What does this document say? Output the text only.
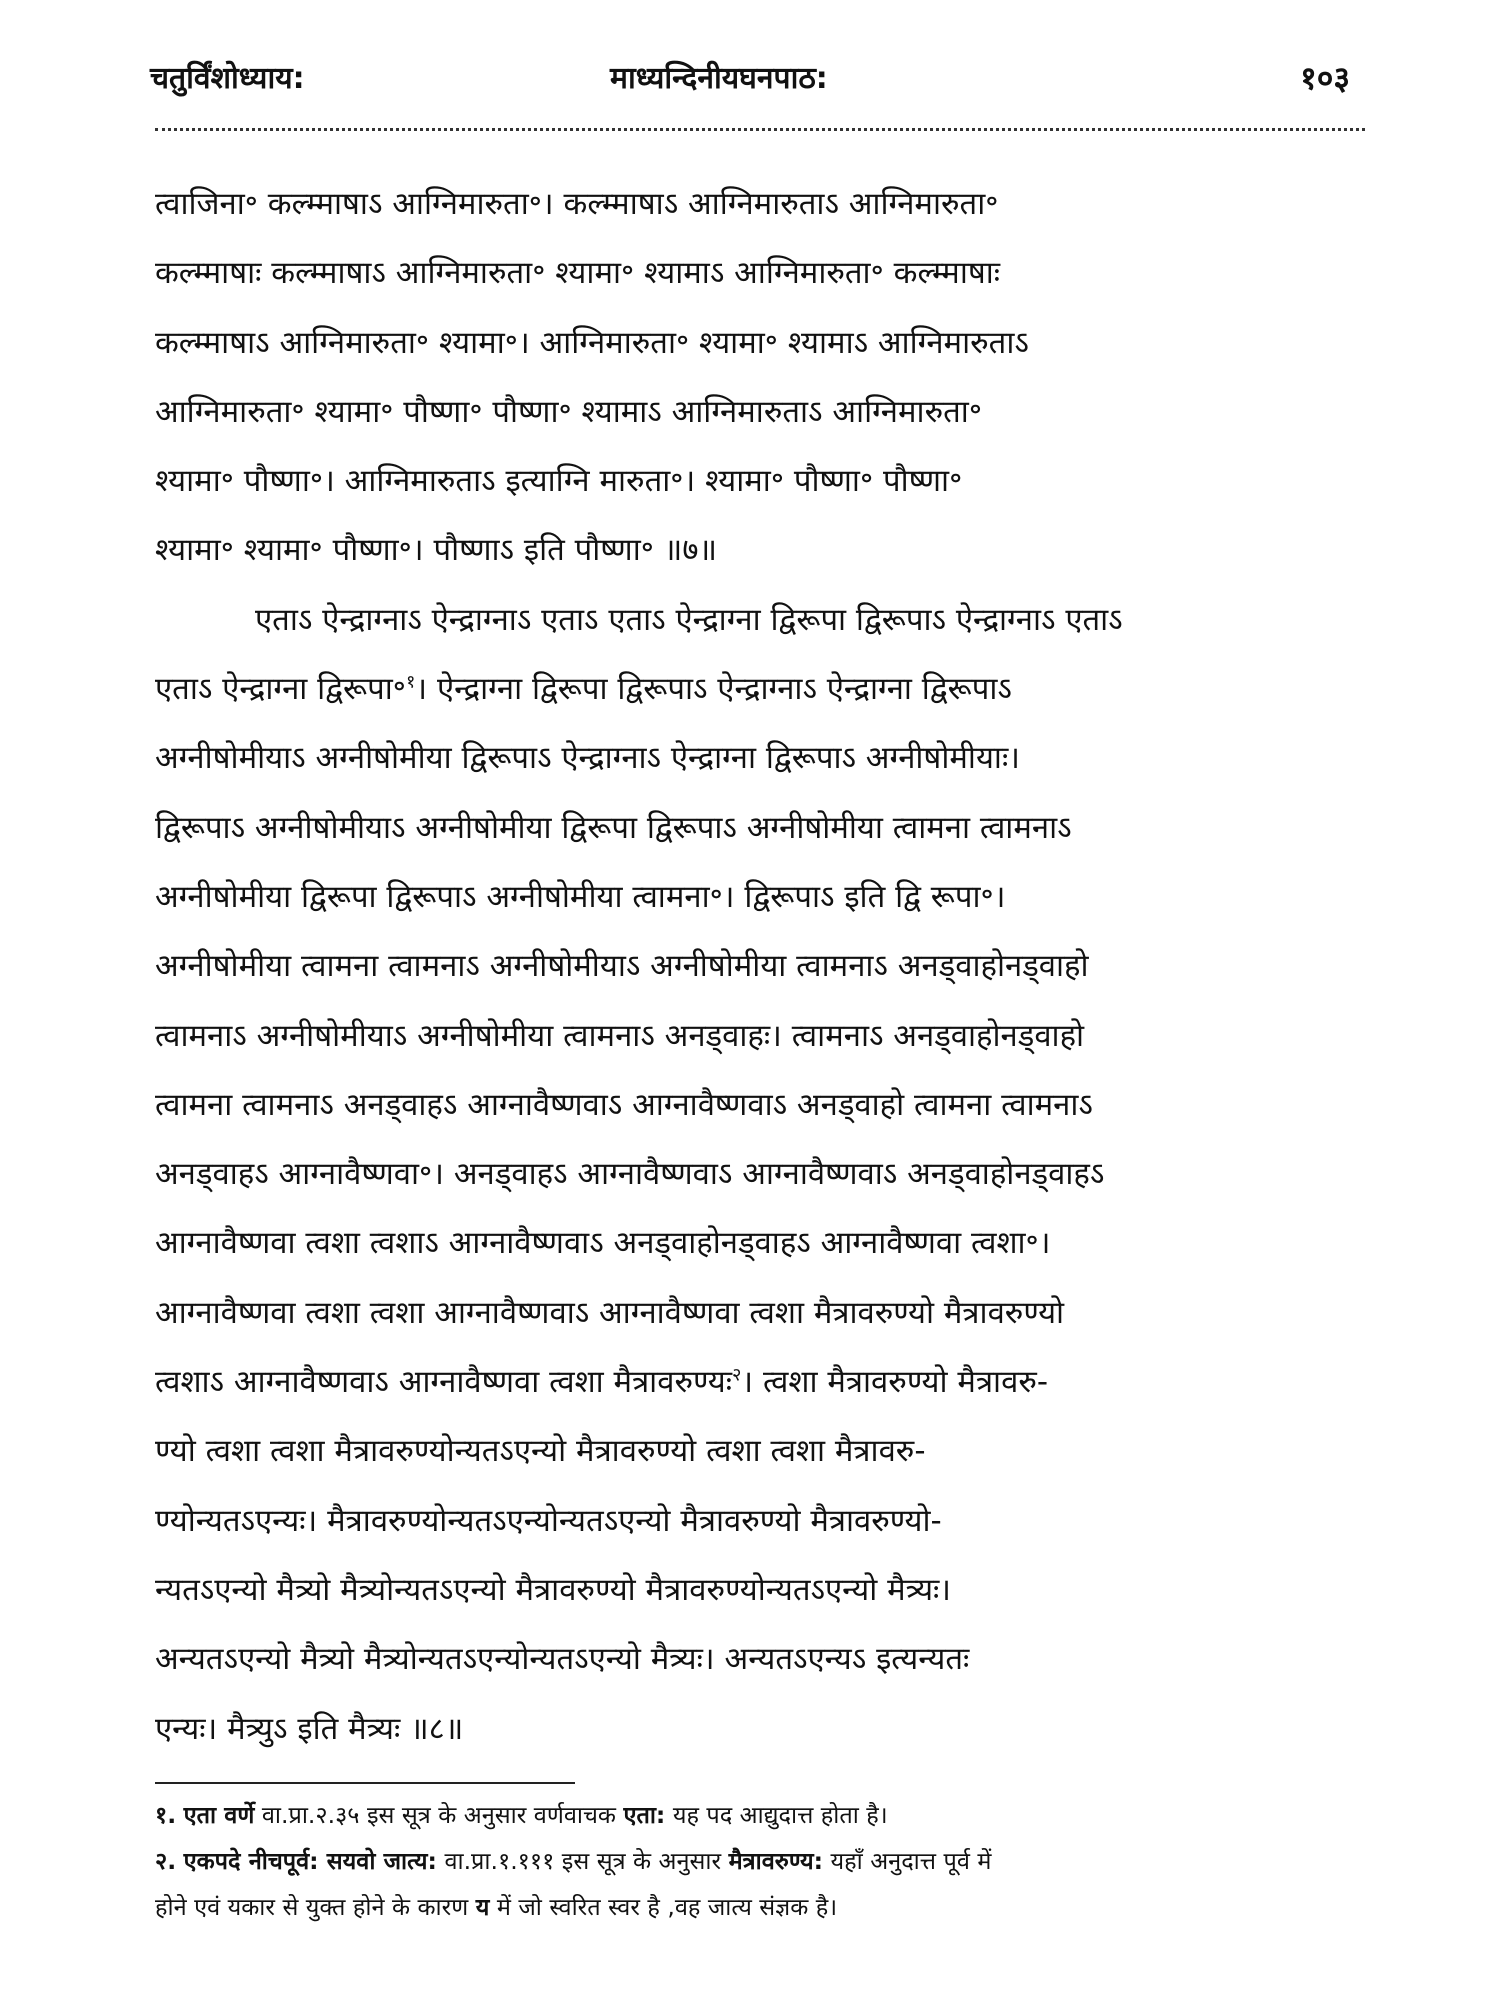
चतुर्विंशोध्याय:	माध्यन्दिनीयघनपाठ:	१०३
त्वाजिना॰ कल्म्माषाऽ आग्निमारुता॰। कल्म्माषाऽ आग्निमारुताऽ आग्निमारुता॰
कल्म्माषाः कल्म्माषाऽ आग्निमारुता॰ श्यामा॰ श्यामाऽ आग्निमारुता॰ कल्म्माषाः
कल्म्माषाऽ आग्निमारुता॰ श्यामा॰। आग्निमारुता॰ श्यामा॰ श्यामाऽ आग्निमारुताऽ
आग्निमारुता॰ श्यामा॰ पौष्णा॰ पौष्णा॰ श्यामाऽ आग्निमारुताऽ आग्निमारुता॰
श्यामा॰ पौष्णा॰। आग्निमारुताऽ इत्याग्नि मारुता॰। श्यामा॰ पौष्णा॰ पौष्णा॰
श्यामा॰ श्यामा॰ पौष्णा॰। पौष्णाऽ इति पौष्णा॰ ॥७॥
एताऽ ऐन्द्राग्नाऽ ऐन्द्राग्नाऽ एताऽ एताऽ ऐन्द्राग्ना द्विरूपा द्विरूपाऽ ऐन्द्राग्नाऽ एताऽ
एताऽ ऐन्द्राग्ना द्विरूपा॰$^१$। ऐन्द्राग्ना द्विरूपा द्विरूपाऽ ऐन्द्राग्नाऽ ऐन्द्राग्ना द्विरूपाऽ
अग्नीषोमीयाऽ अग्नीषोमीया द्विरूपाऽ ऐन्द्राग्नाऽ ऐन्द्राग्ना द्विरूपाऽ अग्नीषोमीयाः।
द्विरूपाऽ अग्नीषोमीयाऽ अग्नीषोमीया द्विरूपा द्विरूपाऽ अग्नीषोमीया त्वामना त्वामनाऽ
अग्नीषोमीया द्विरूपा द्विरूपाऽ अग्नीषोमीया त्वामना॰। द्विरूपाऽ इति द्वि रूपा॰।
अग्नीषोमीया त्वामना त्वामनाऽ अग्नीषोमीयाऽ अग्नीषोमीया त्वामनाऽ अनड्वाहोनड्वाहो
त्वामनाऽ अग्नीषोमीयाऽ अग्नीषोमीया त्वामनाऽ अनड्वाहः। त्वामनाऽ अनड्वाहोनड्वाहो
त्वामना त्वामनाऽ अनड्वाहऽ आग्नावैष्णवाऽ आग्नावैष्णवाऽ अनड्वाहो त्वामना त्वामनाऽ
अनड्वाहऽ आग्नावैष्णवा॰। अनड्वाहऽ आग्नावैष्णवाऽ आग्नावैष्णवाऽ अनड्वाहोनड्वाहऽ
आग्नावैष्णवा त्वशा त्वशाऽ आग्नावैष्णवाऽ अनड्वाहोनड्वाहऽ आग्नावैष्णवा त्वशा॰।
आग्नावैष्णवा त्वशा त्वशा आग्नावैष्णवाऽ आग्नावैष्णवा त्वशा मैत्रावरुण्यो मैत्रावरुण्यो
त्वशाऽ आग्नावैष्णवाऽ आग्नावैष्णवा त्वशा मैत्रावरुण्यः$^२$। त्वशा मैत्रावरुण्यो मैत्रावरु-
ण्यो त्वशा त्वशा मैत्रावरुण्योन्यतऽएन्यो मैत्रावरुण्यो त्वशा त्वशा मैत्रावरु-
ण्योन्यतऽएन्यः। मैत्रावरुण्योन्यतऽएन्योन्यतऽएन्यो मैत्रावरुण्यो मैत्रावरुण्यो-
न्यतऽएन्यो मैत्र्यो मैत्र्योन्यतऽएन्यो मैत्रावरुण्यो मैत्रावरुण्योन्यतऽएन्यो मैत्र्यः।
अन्यतऽएन्यो मैत्र्यो मैत्र्योन्यतऽएन्योन्यतऽएन्यो मैत्र्यः। अन्यतऽएन्यऽ इत्यन्यतः
एन्यः। मैत्र्युऽ इति मैत्र्यः ॥८॥
१. एता वर्णे वा.प्रा.२.३५ इस सूत्र के अनुसार वर्णवाचक एता: यह पद आद्युदात्त होता है।
२. एकपदे नीचपूर्व: सयवो जात्य: वा.प्रा.१.१११ इस सूत्र के अनुसार मैत्रावरुण्य: यहाँ अनुदात्त पूर्व में
होने एवं यकार से युक्त होने के कारण य में जो स्वरित स्वर है ,वह जात्य संज्ञक है।
